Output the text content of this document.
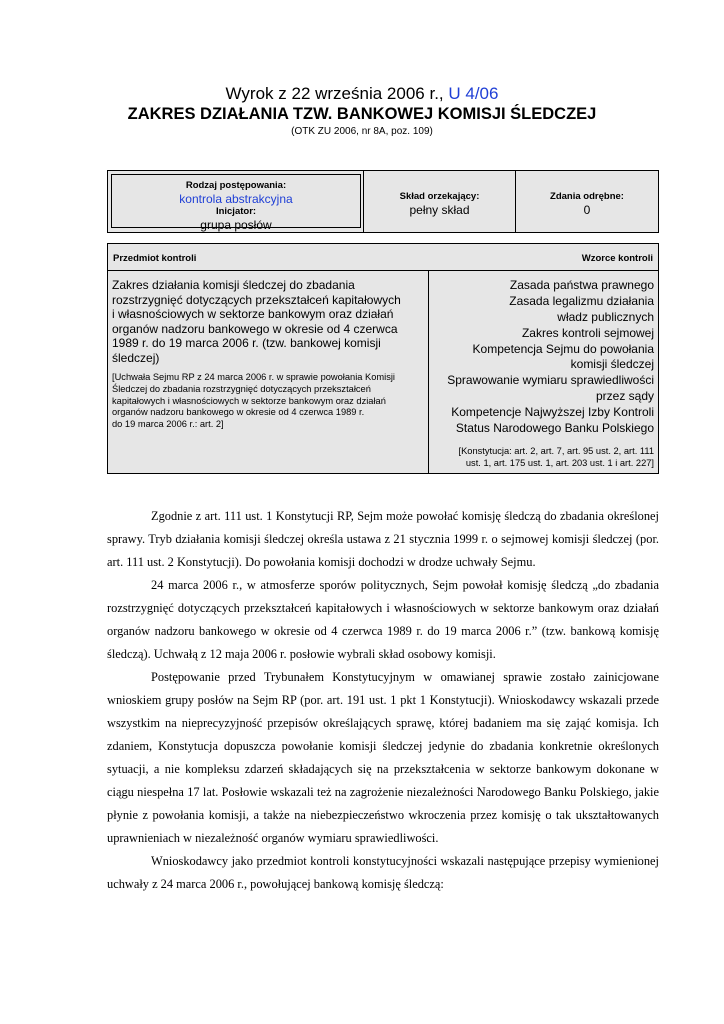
Wyrok z 22 września 2006 r., U 4/06
ZAKRES DZIAŁANIA TZW. BANKOWEJ KOMISJI ŚLEDCZEJ
(OTK ZU 2006, nr 8A, poz. 109)
Rodzaj postępowania:
kontrola abstrakcyjna
Inicjator:
grupa posłów
Skład orzekający:
pełny skład
Zdania odrębne:
0
Przedmiot kontroli	Wzorce kontroli
Zakres działania komisji śledczej do zbadania
rozstrzygnięć dotyczących przekształceń kapitałowych
i własnościowych w sektorze bankowym oraz działań
organów nadzoru bankowego w okresie od 4 czerwca
1989 r. do 19 marca 2006 r. (tzw. bankowej komisji
śledczej)
[Uchwała Sejmu RP z 24 marca 2006 r. w sprawie powołania Komisji
Śledczej do zbadania rozstrzygnięć dotyczących przekształceń
kapitałowych i własnościowych w sektorze bankowym oraz działań
organów nadzoru bankowego w okresie od 4 czerwca 1989 r.
do 19 marca 2006 r.: art. 2]
Zasada państwa prawnego
Zasada legalizmu działania
władz publicznych
Zakres kontroli sejmowej
Kompetencja Sejmu do powołania
komisji śledczej
Sprawowanie wymiaru sprawiedliwości
przez sądy
Kompetencje Najwyższej Izby Kontroli
Status Narodowego Banku Polskiego
[Konstytucja: art. 2, art. 7, art. 95 ust. 2, art. 111
ust. 1, art. 175 ust. 1, art. 203 ust. 1 i art. 227]

Zgodnie z art. 111 ust. 1 Konstytucji RP, Sejm może powołać komisję śledczą do zbadania określonej sprawy. Tryb działania komisji śledczej określa ustawa z 21 stycznia 1999 r. o sejmowej komisji śledczej (por. art. 111 ust. 2 Konstytucji). Do powołania komisji dochodzi w drodze uchwały Sejmu.

24 marca 2006 r., w atmosferze sporów politycznych, Sejm powołał komisję śledczą „do zbadania rozstrzygnięć dotyczących przekształceń kapitałowych i własnościowych w sektorze bankowym oraz działań organów nadzoru bankowego w okresie od 4 czerwca 1989 r. do 19 marca 2006 r.” (tzw. bankową komisję śledczą). Uchwałą z 12 maja 2006 r. posłowie wybrali skład osobowy komisji.

Postępowanie przed Trybunałem Konstytucyjnym w omawianej sprawie zostało zainicjowane wnioskiem grupy posłów na Sejm RP (por. art. 191 ust. 1 pkt 1 Konstytucji). Wnioskodawcy wskazali przede wszystkim na nieprecyzyjność przepisów określających sprawę, której badaniem ma się zająć komisja. Ich zdaniem, Konstytucja dopuszcza powołanie komisji śledczej jedynie do zbadania konkretnie określonych sytuacji, a nie kompleksu zdarzeń składających się na przekształcenia w sektorze bankowym dokonane w ciągu niespełna 17 lat. Posłowie wskazali też na zagrożenie niezależności Narodowego Banku Polskiego, jakie płynie z powołania komisji, a także na niebezpieczeństwo wkroczenia przez komisję o tak ukształtowanych uprawnieniach w niezależność organów wymiaru sprawiedliwości.

Wnioskodawcy jako przedmiot kontroli konstytucyjności wskazali następujące przepisy wymienionej uchwały z 24 marca 2006 r., powołującej bankową komisję śledczą:
